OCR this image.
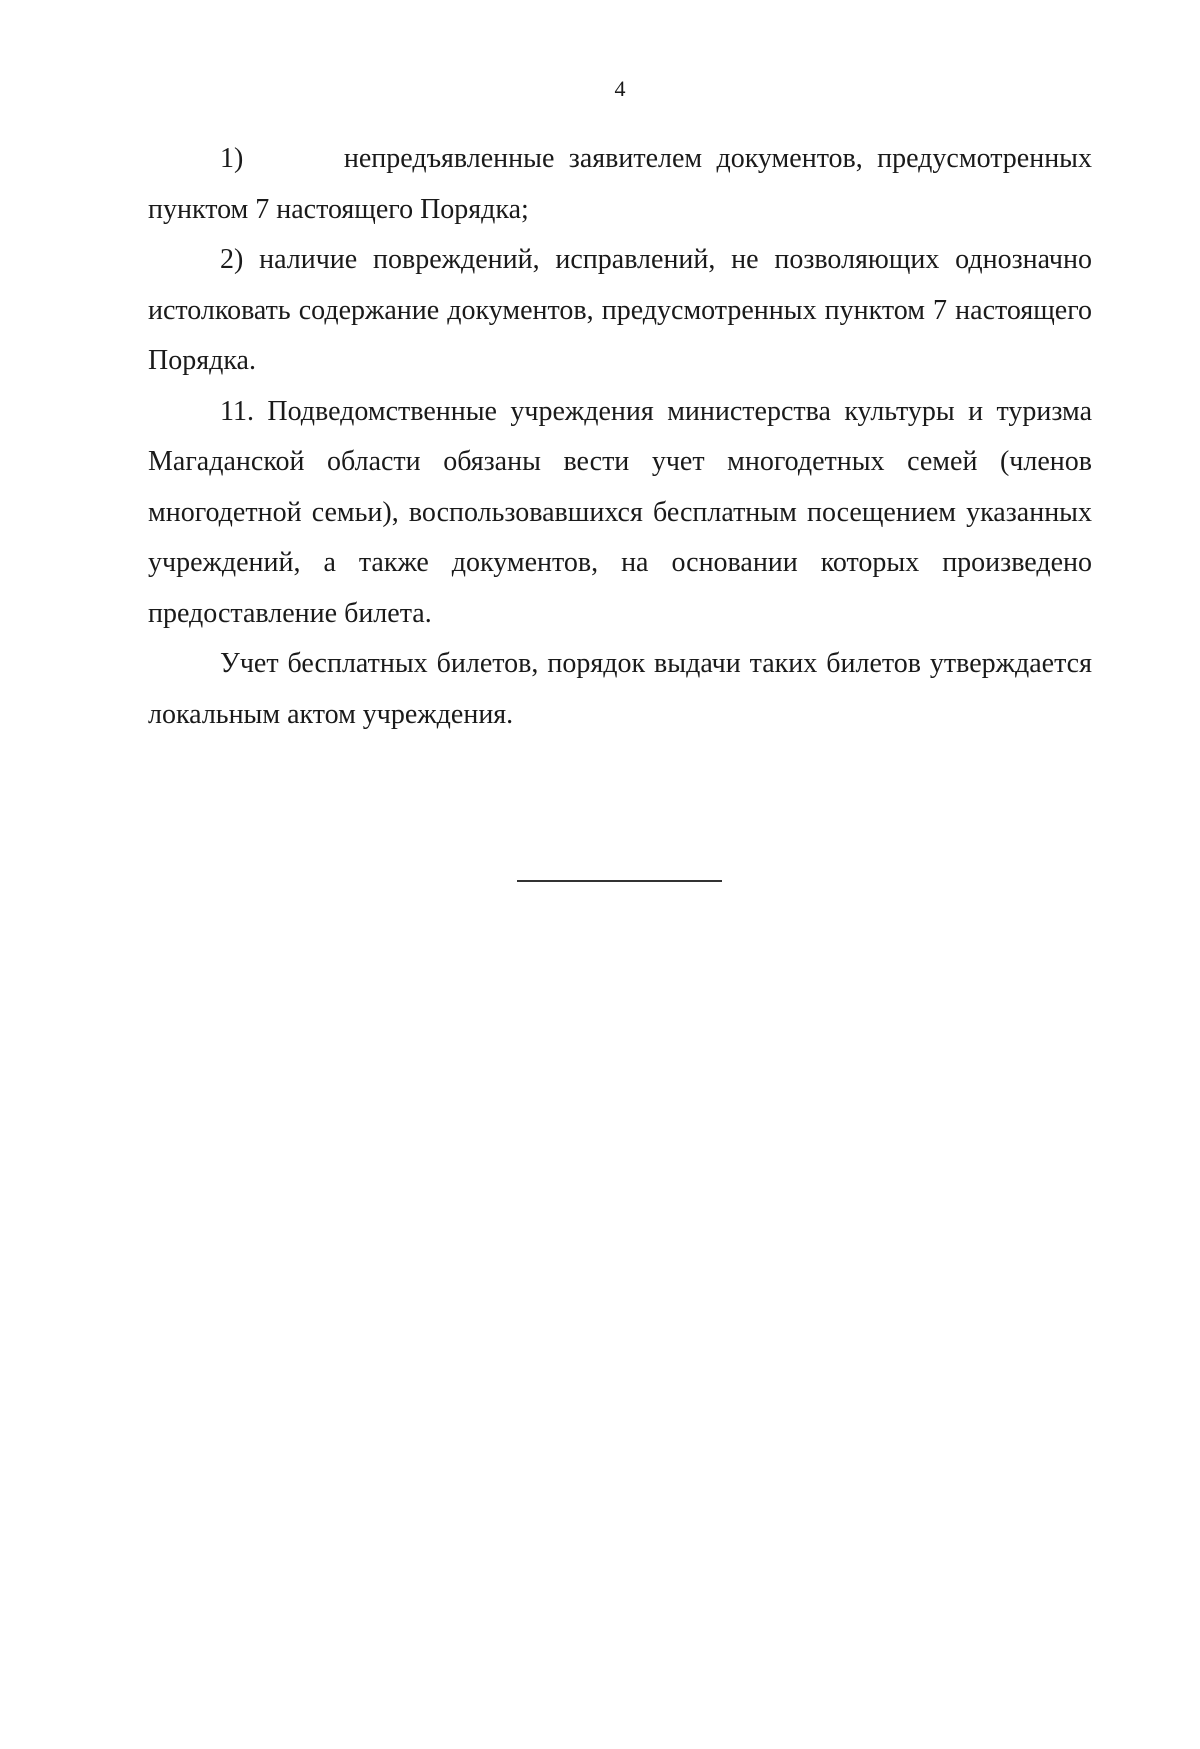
4

1)       непредъявленные заявителем документов, предусмотренных пунктом 7 настоящего Порядка;

2) наличие повреждений, исправлений, не позволяющих однозначно истолковать содержание документов, предусмотренных пунктом 7 настоящего Порядка.

11. Подведомственные учреждения министерства культуры и туризма Магаданской области обязаны вести учет многодетных семей (членов многодетной семьи), воспользовавшихся бесплатным посещением указанных учреждений, а также документов, на основании которых произведено предоставление билета.

Учет бесплатных билетов, порядок выдачи таких билетов утверждается локальным актом учреждения.
